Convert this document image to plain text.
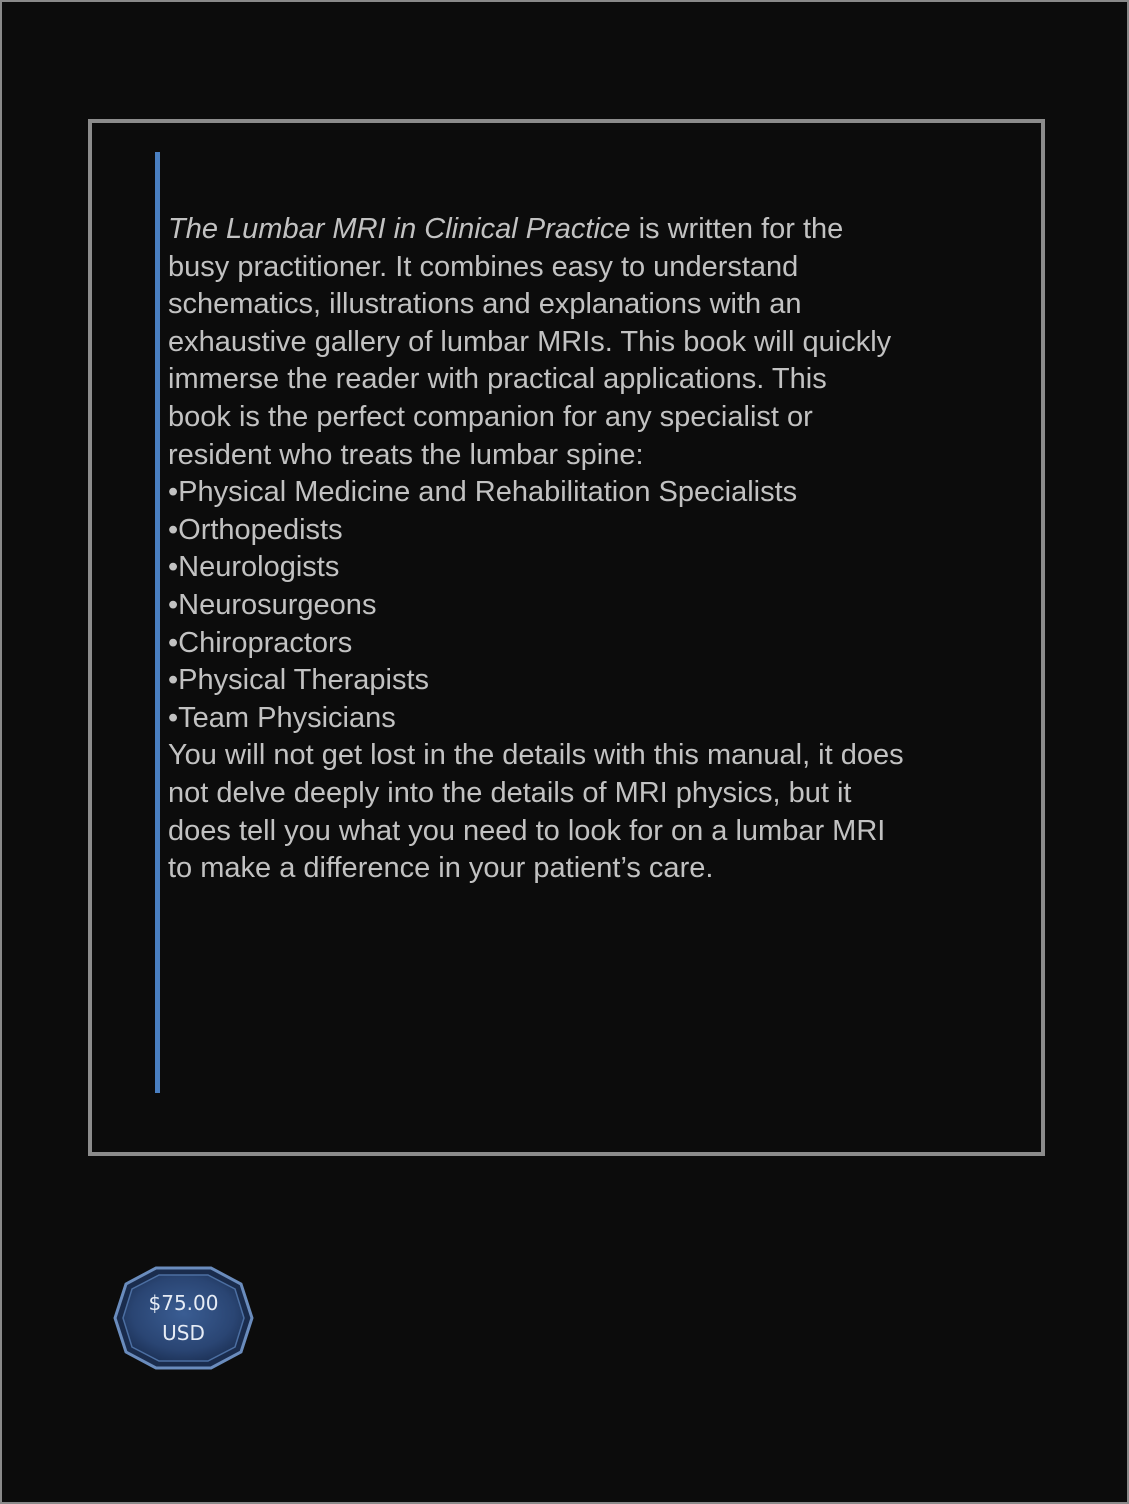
The Lumbar MRI in Clinical Practice is written for the

busy practitioner. It combines easy to understand

schematics, illustrations and explanations with an

exhaustive gallery of lumbar MRIs. This book will quickly

immerse the reader with practical applications. This

book is the perfect companion for any specialist or

resident who treats the lumbar spine:

•Physical Medicine and Rehabilitation Specialists

•Orthopedists

•Neurologists

•Neurosurgeons

•Chiropractors

•Physical Therapists

•Team Physicians

You will not get lost in the details with this manual, it does

not delve deeply into the details of MRI physics, but it

does tell you what you need to look for on a lumbar MRI

to make a difference in your patient’s care.

$75.00
USD
